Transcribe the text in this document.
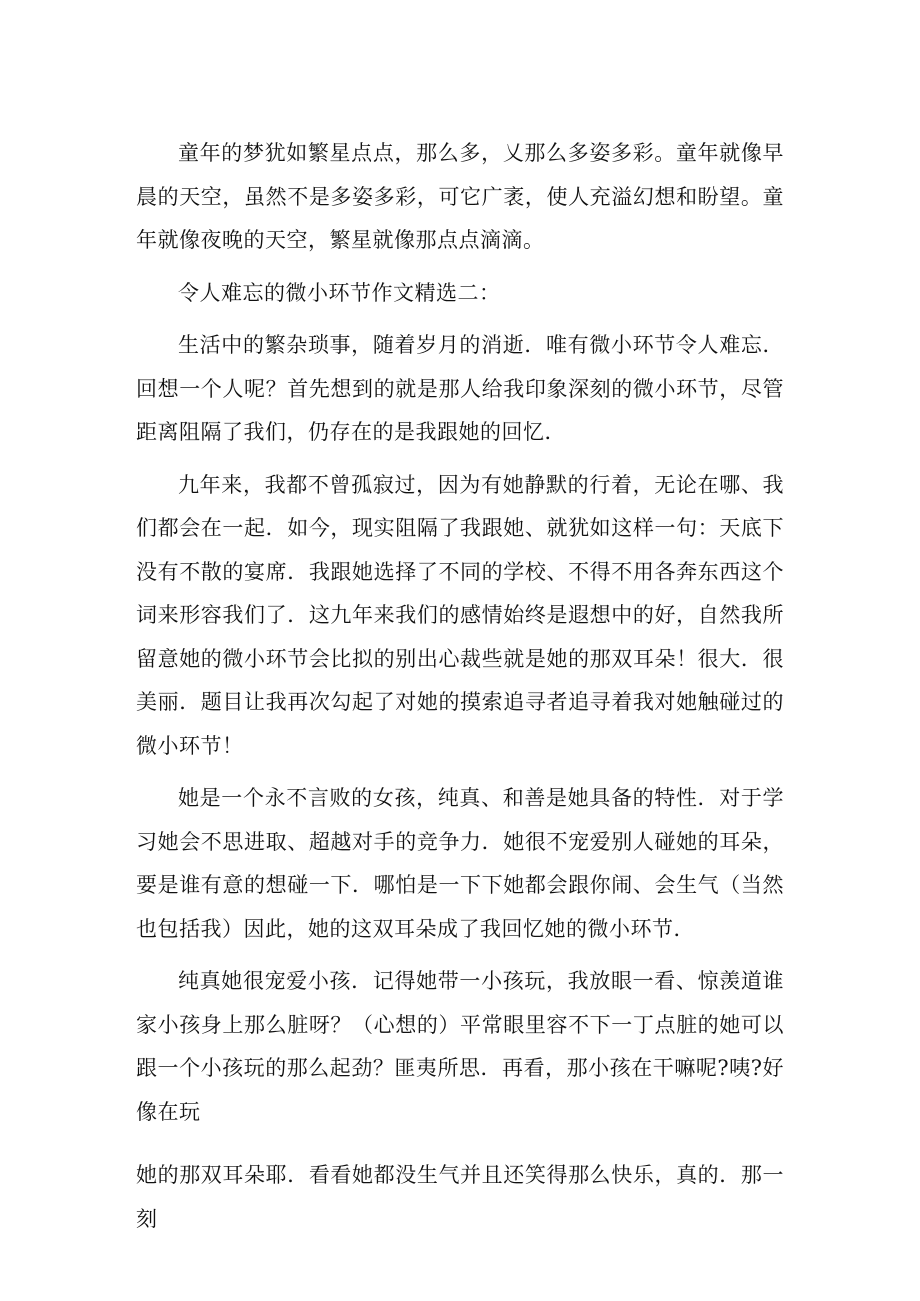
童年的梦犹如繁星点点，那么多，乂那么多姿多彩。童年就像早晨的天空，虽然不是多姿多彩，可它广袤，使人充溢幻想和盼望。童年就像夜晚的天空，繁星就像那点点滴滴。

令人难忘的微小环节作文精选二：

生活中的繁杂琐事，随着岁月的消逝．唯有微小环节令人难忘．回想一个人呢？首先想到的就是那人给我印象深刻的微小环节，尽管距离阻隔了我们，仍存在的是我跟她的回忆．

九年来，我都不曾孤寂过，因为有她静默的行着，无论在哪、我们都会在一起．如今，现实阻隔了我跟她、就犹如这样一句：天底下没有不散的宴席．我跟她选择了不同的学校、不得不用各奔东西这个词来形容我们了．这九年来我们的感情始终是遐想中的好，自然我所留意她的微小环节会比拟的别出心裁些就是她的那双耳朵！很大．很美丽．题目让我再次勾起了对她的摸索追寻者追寻着我对她触碰过的微小环节！

她是一个永不言败的女孩，纯真、和善是她具备的特性．对于学习她会不思进取、超越对手的竞争力．她很不宠爱别人碰她的耳朵，要是谁有意的想碰一下．哪怕是一下下她都会跟你闹、会生气（当然也包括我）因此，她的这双耳朵成了我回忆她的微小环节．

纯真她很宠爱小孩．记得她带一小孩玩，我放眼一看、惊羡道谁家小孩身上那么脏呀？（心想的）平常眼里容不下一丁点脏的她可以跟一个小孩玩的那么起劲？匪夷所思．再看，那小孩在干嘛呢?咦?好像在玩

她的那双耳朵耶．看看她都没生气并且还笑得那么快乐，真的．那一刻
